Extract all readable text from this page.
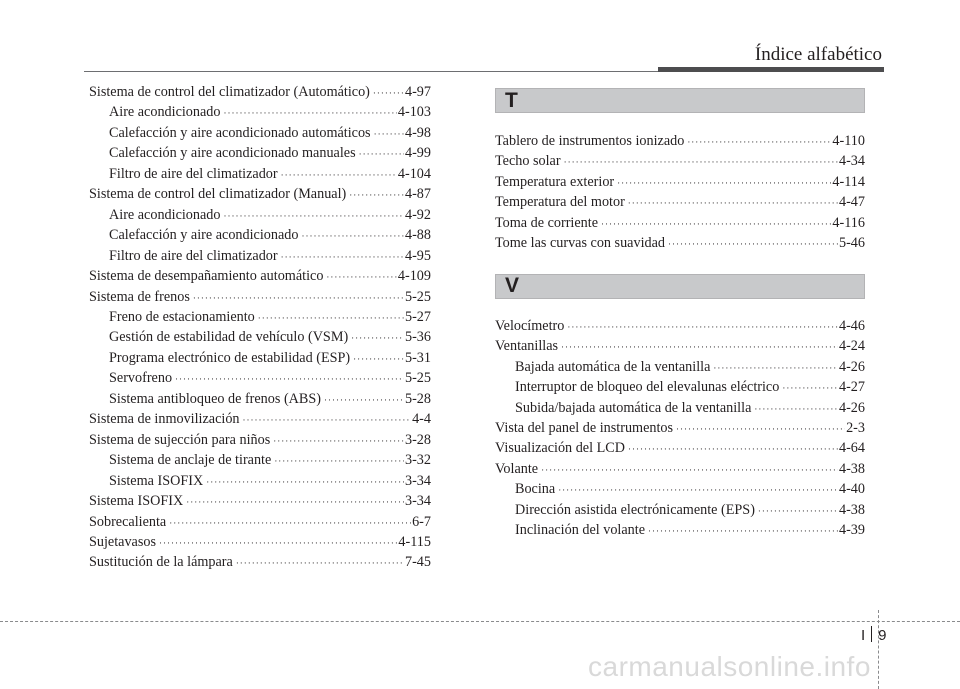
Índice alfabético
Sistema de control del climatizador (Automático) ····· 4-97
Aire acondicionado ·····	4-103
Calefacción y aire acondicionado automáticos ····· 4-98
Calefacción y aire acondicionado manuales ·····	4-99
Filtro de aire del climatizador ·····	4-104
Sistema de control del climatizador (Manual) ·····	4-87
Aire acondicionado ·····	4-92
Calefacción y aire acondicionado ·····	4-88
Filtro de aire del climatizador ·····	4-95
Sistema de desempañamiento automático ·····	4-109
Sistema de frenos ·····	5-25
Freno de estacionamiento ·····	5-27
Gestión de estabilidad de vehículo (VSM) ·····	5-36
Programa electrónico de estabilidad (ESP) ·····	5-31
Servofreno ·····	5-25
Sistema antibloqueo de frenos (ABS) ·····	5-28
Sistema de inmovilización ·····	4-4
Sistema de sujección para niños ·····	3-28
Sistema de anclaje de tirante ·····	3-32
Sistema ISOFIX ·····	3-34
Sistema ISOFIX ·····	3-34
Sobrecalienta ·····	6-7
Sujetavasos ·····	4-115
Sustitución de la lámpara ·····	7-45
T
Tablero de instrumentos ionizado ·····	4-110
Techo solar ·····	4-34
Temperatura exterior ·····	4-114
Temperatura del motor ·····	4-47
Toma de corriente ·····	4-116
Tome las curvas con suavidad ·····	5-46
V
Velocímetro ·····	4-46
Ventanillas ·····	4-24
Bajada automática de la ventanilla ·····	4-26
Interruptor de bloqueo del elevalunas eléctrico ·····	4-27
Subida/bajada automática de la ventanilla ·····	4-26
Vista del panel de instrumentos ·····	2-3
Visualización del LCD ·····	4-64
Volante ·····	4-38
Bocina ·····	4-40
Dirección asistida electrónicamente (EPS) ·····	4-38
Inclinación del volante ·····	4-39
I 9
carmanualsonline.info
